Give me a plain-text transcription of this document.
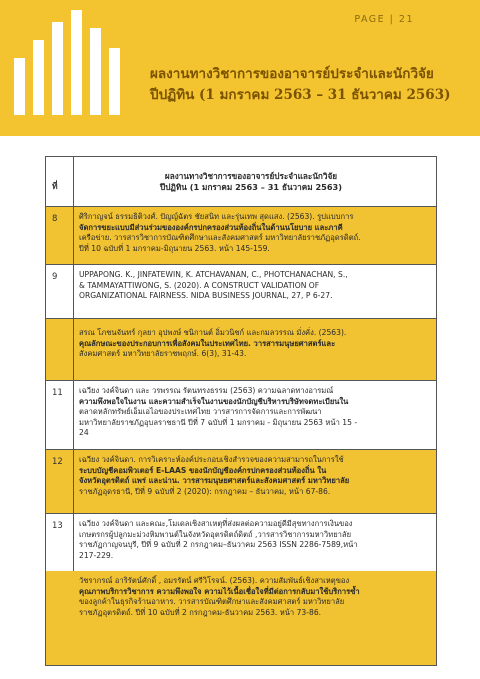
PAGE | 21
ผลงานทางวิชาการของอาจารย์ประจำและนักวิจัย
ปีปฏิทิน (1 มกราคม 2563 – 31 ธันวาคม 2563)
ที่
ผลงานทางวิชาการของอาจารย์ประจำและนักวิจัย
ปีปฏิทิน (1 มกราคม 2563 – 31 ธันวาคม 2563)
8	ศิริกาญจน์ ธรรมธิติวงศ์. ปัญญ์ฉัตร ชัยสนิท และรุ่นเทพ สุดแสง. (2563). รูปแบบการ
จัดการขยะแบบมีส่วนร่วมขององค์กรปกครองส่วนท้องถิ่นในด้านนโยบาย และภาคี
เครือข่าย. วารสารวิชาการบัณฑิตศึกษาและสังคมศาสตร์ มหาวิทยาลัยราชภัฏอุดรดิตถ์.
ปีที่ 10 ฉบับที่ 1 มกราคม-มิถุนายน 2563. หน้า 145-159.
9	UPPAPONG. K., JINFATEWIN, K. ATCHAVANAN, C., PHOTCHANACHAN, S.,
& TAMMAYATTIWONG, S. (2020). A CONSTRUCT VALIDATION OF
ORGANIZATIONAL FAIRNESS. NIDA BUSINESS JOURNAL, 27, P 6-27.
สรณ โภชนจันทร์ กุลยา อุปพงษ์ ชนิกานต์ อิ่มวนิชก์ และกมลวรรณ มั่งคั่ง. (2563).
คุณลักษณะของประกอบการเพื่อสังคมในประเทศไทย. วารสารมนุษยศาสตร์และ
สังคมศาสตร์ มหาวิทยาลัยราชพฤกษ์. 6(3), 31-43.
11 เฉวียง วงค์จินดา และ วรพรรณ รัตนทรงธรรม (2563) ความฉลาดทางอารมณ์
ความพึงพอใจในงาน และความสำเร็จในงานของนักบัญชีบริหารบริษัทจดทะเบียนใน
ตลาดหลักทรัพย์เอ็มเอไอของประเทศไทย วารสารการจัดการและการพัฒนา
มหาวิทยาลัยราชภัฏอุบลราชธานี ปีที่ 7 ฉบับที่ 1 มกราคม - มิถุนายน 2563 หน้า 15 -
24
12 เฉวียง วงค์จินดา. การวิเคราะห์องค์ประกอบเชิงสำรวจของความสามารถในการใช้
ระบบบัญชีคอมพิวเตอร์ E-LAAS ของนักบัญชีองค์กรปกครองส่วนท้องถิ่น ใน
จังหวัดอุตรดิตถ์ แพร่ และน่าน. วารสารมนุษยศาสตร์และสังคมศาสตร์ มหาวิทยาลัย
ราชภัฏอุดรธานี, ปีที่ 9 ฉบับที่ 2 (2020): กรกฎาคม – ธันวาคม, หน้า 67-86.
13 เฉวียง วงค์จินดา และคณะ,โมเดลเชิงสาเหตุที่ส่งผลต่อความอยู่ดีมีสุขทางการเงินของ
เกษตรกรผู้ปลูกมะม่วงหิมพานต์ในจังหวัดอุตรดิตถ์ดิตถ์ ,วารสารวิชาการมหาวิทยาลัย
ราชภัฏกาญจนบุรี, ปีที่ 9 ฉบับที่ 2 กรกฎาคม–ธันวาคม 2563 ISSN 2286-7589,หน้า
217-229.
วัชรากรณ์ อาริรัตน์ศักดิ์ , อมรรัตน์ ศรีวิโรจน์. (2563). ความสัมพันธ์เชิงสาเหตุของ
คุณภาพบริการวิชาการ ความพึงพอใจ ความไว้เนื้อเชื่อใจที่มีต่อการกลับมาใช้บริการซ้ำ
ของลูกค้าในธุรกิจร้านอาหาร. วารสารบัณฑิตศึกษาและสังคมศาสตร์ มหาวิทยาลัย
ราชภัฏอุตรดิตถ์. ปีที่ 10 ฉบับที่ 2 กรกฎาคม-ธันวาคม 2563. หน้า 73-86.
